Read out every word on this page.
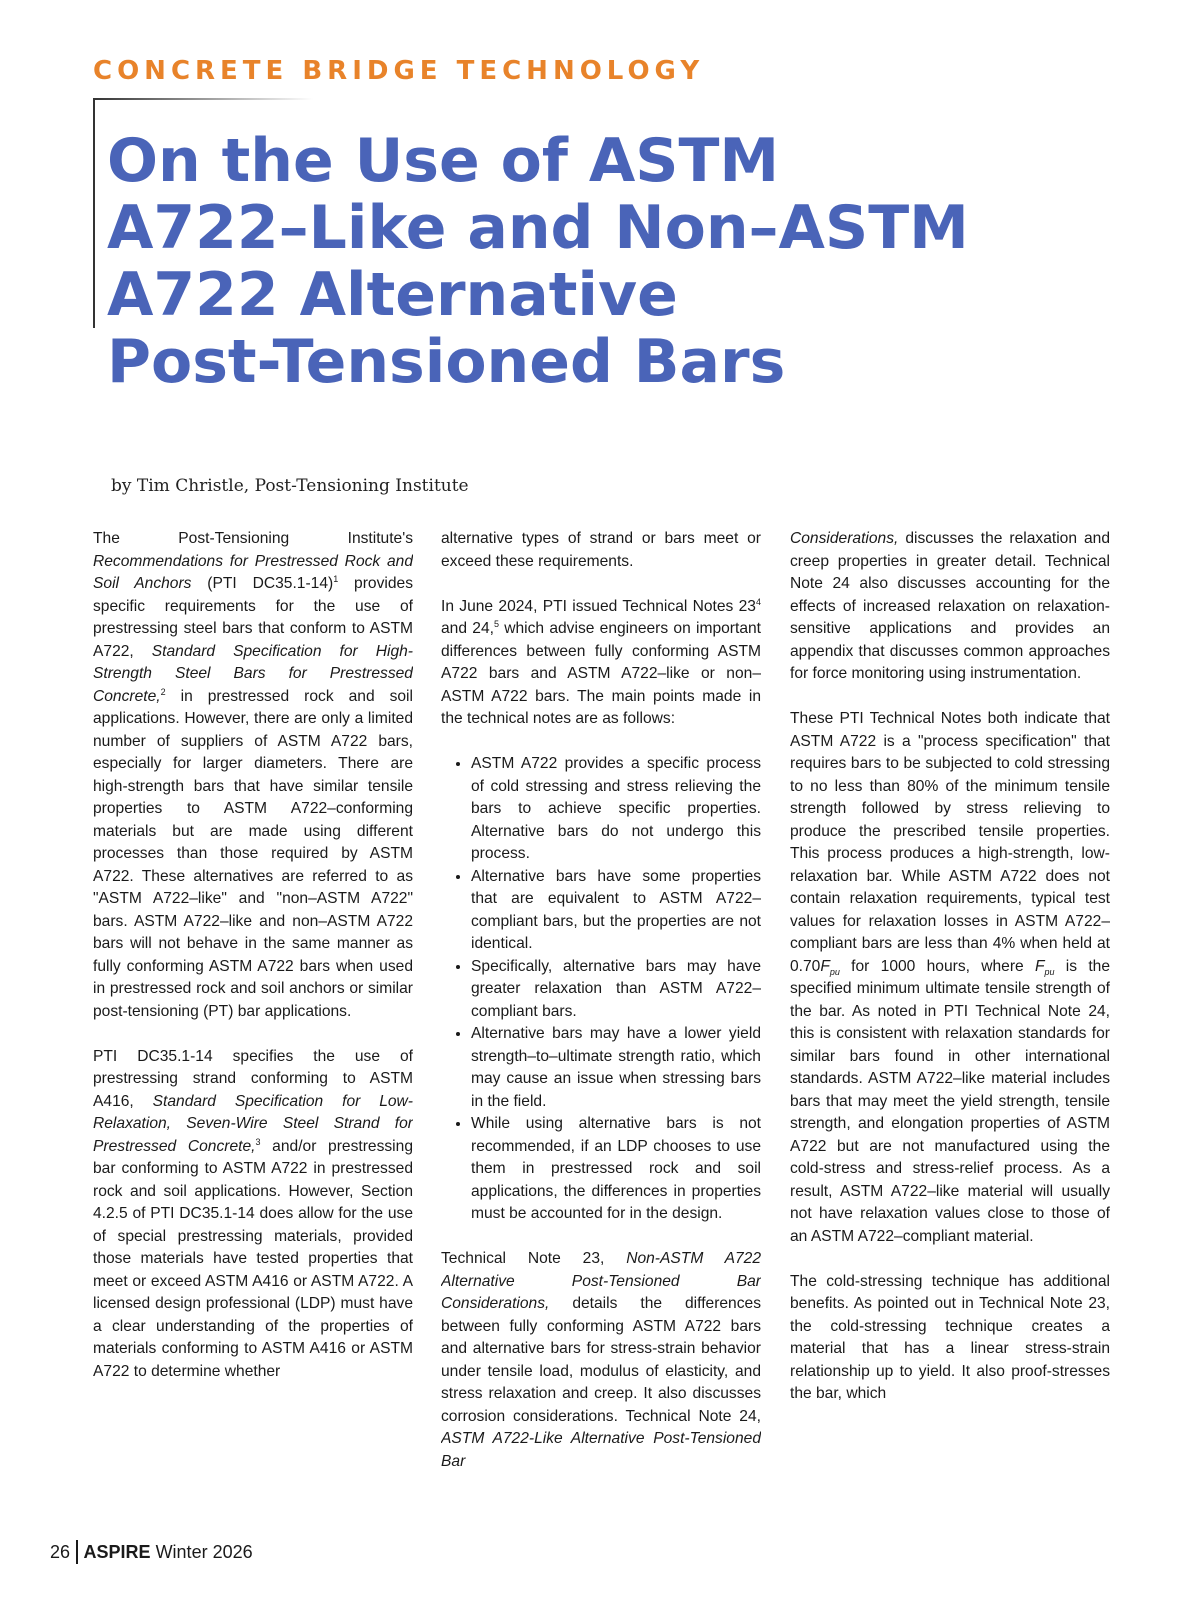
CONCRETE BRIDGE TECHNOLOGY
On the Use of ASTM
A722–Like and Non–ASTM
A722 Alternative
Post-Tensioned Bars
by Tim Christle, Post-Tensioning Institute

The Post-Tensioning Institute's Recommendations for Prestressed Rock and Soil Anchors (PTI DC35.1-14)$^1$ provides specific requirements for the use of prestressing steel bars that conform to ASTM A722, Standard Specification for High-Strength Steel Bars for Prestressed Concrete,$^2$ in prestressed rock and soil applications. However, there are only a limited number of suppliers of ASTM A722 bars, especially for larger diameters. There are high-strength bars that have similar tensile properties to ASTM A722–conforming materials but are made using different processes than those required by ASTM A722. These alternatives are referred to as "ASTM A722–like" and "non–ASTM A722" bars. ASTM A722–like and non–ASTM A722 bars will not behave in the same manner as fully conforming ASTM A722 bars when used in prestressed rock and soil anchors or similar post-tensioning (PT) bar applications.

PTI DC35.1-14 specifies the use of prestressing strand conforming to ASTM A416, Standard Specification for Low-Relaxation, Seven-Wire Steel Strand for Prestressed Concrete,$^3$ and/or prestressing bar conforming to ASTM A722 in prestressed rock and soil applications. However, Section 4.2.5 of PTI DC35.1-14 does allow for the use of special prestressing materials, provided those materials have tested properties that meet or exceed ASTM A416 or ASTM A722. A licensed design professional (LDP) must have a clear understanding of the properties of materials conforming to ASTM A416 or ASTM A722 to determine whether

alternative types of strand or bars meet or exceed these requirements.

In June 2024, PTI issued Technical Notes $23^4$ and 24,$^5$ which advise engineers on important differences between fully conforming ASTM A722 bars and ASTM A722–like or non–ASTM A722 bars. The main points made in the technical notes are as follows:

• ASTM A722 provides a specific process of cold stressing and stress relieving the bars to achieve specific properties. Alternative bars do not undergo this process.
• Alternative bars have some properties that are equivalent to ASTM A722–compliant bars, but the properties are not identical.
• Specifically, alternative bars may have greater relaxation than ASTM A722–compliant bars.
• Alternative bars may have a lower yield strength–to–ultimate strength ratio, which may cause an issue when stressing bars in the field.
• While using alternative bars is not recommended, if an LDP chooses to use them in prestressed rock and soil applications, the differences in properties must be accounted for in the design.

Technical Note 23, Non-ASTM A722 Alternative Post-Tensioned Bar Considerations, details the differences between fully conforming ASTM A722 bars and alternative bars for stress-strain behavior under tensile load, modulus of elasticity, and stress relaxation and creep. It also discusses corrosion considerations. Technical Note 24, ASTM A722-Like Alternative Post-Tensioned Bar

Considerations, discusses the relaxation and creep properties in greater detail. Technical Note 24 also discusses accounting for the effects of increased relaxation on relaxation-sensitive applications and provides an appendix that discusses common approaches for force monitoring using instrumentation.

These PTI Technical Notes both indicate that ASTM A722 is a "process specification" that requires bars to be subjected to cold stressing to no less than 80% of the minimum tensile strength followed by stress relieving to produce the prescribed tensile properties. This process produces a high-strength, low-relaxation bar. While ASTM A722 does not contain relaxation requirements, typical test values for relaxation losses in ASTM A722–compliant bars are less than 4% when held at $0.70F_{pu}$ for 1000 hours, where $F_{pu}$ is the specified minimum ultimate tensile strength of the bar. As noted in PTI Technical Note 24, this is consistent with relaxation standards for similar bars found in other international standards. ASTM A722–like material includes bars that may meet the yield strength, tensile strength, and elongation properties of ASTM A722 but are not manufactured using the cold-stress and stress-relief process. As a result, ASTM A722–like material will usually not have relaxation values close to those of an ASTM A722–compliant material.

The cold-stressing technique has additional benefits. As pointed out in Technical Note 23, the cold-stressing technique creates a material that has a linear stress-strain relationship up to yield. It also proof-stresses the bar, which

26 ASPIRE Winter 2026
